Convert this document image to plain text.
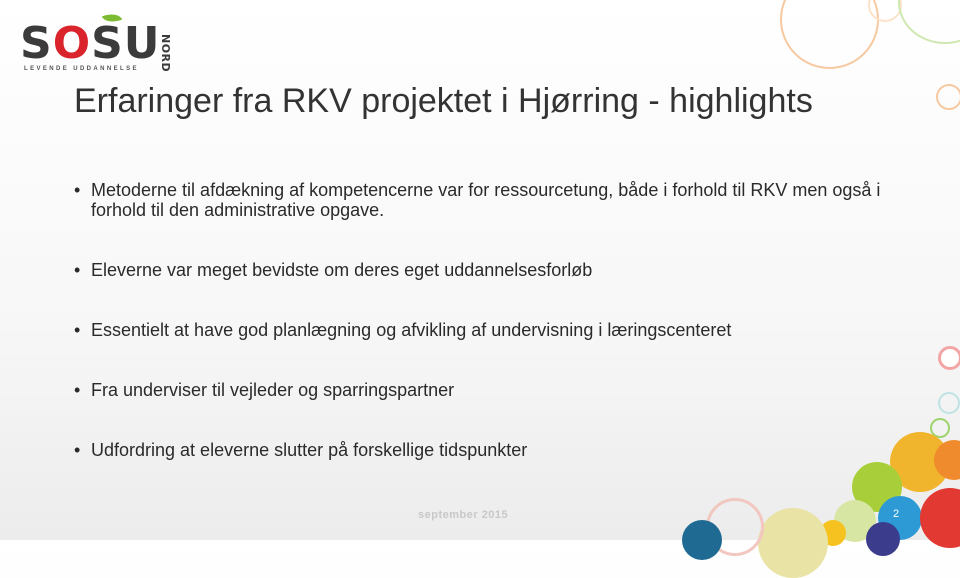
SOSU
NORD
LEVENDE UDDANNELSE
Erfaringer fra RKV projektet i Hjørring - highlights
• Metoderne til afdækning af kompetencerne var for ressourcetung, både i forhold til RKV men også i forhold til den administrative opgave.
• Eleverne var meget bevidste om deres eget uddannelsesforløb
• Essentielt at have god planlægning og afvikling af undervisning i læringscenteret
• Fra underviser til vejleder og sparringspartner
• Udfordring at eleverne slutter på forskellige tidspunkter
september 2015	2
